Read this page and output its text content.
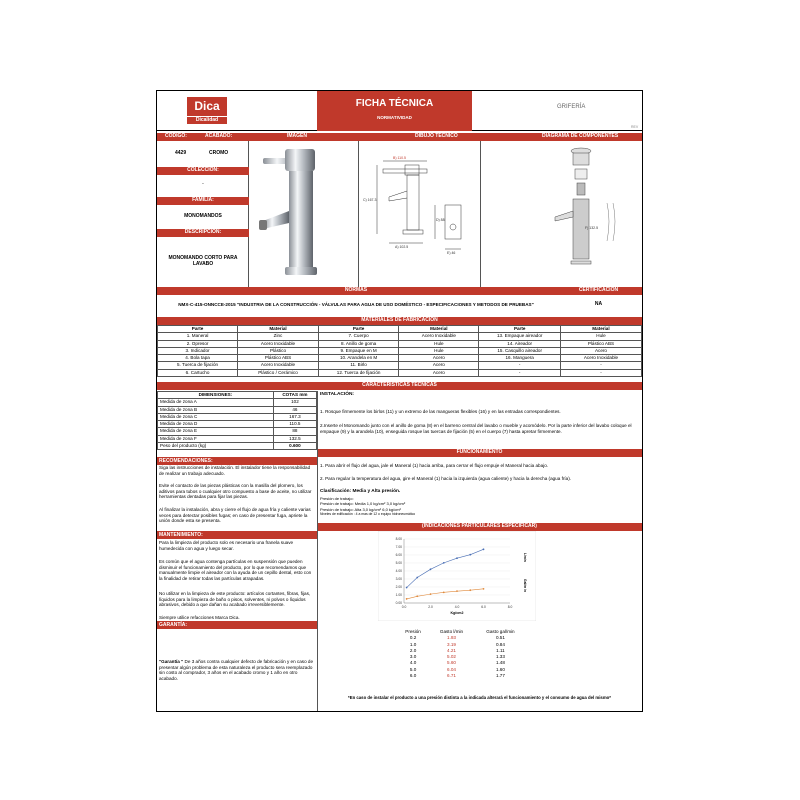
Dica
Dicalidad
FICHA TÉCNICA
NORMATIVIDAD
GRIFERÍA
REV
CÓDIGO:	ACABADO:	IMAGEN	DIBUJO TÉCNICO	DIAGRAMA DE COMPONENTES
4429	CROMO
COLECCIÓN:
-
FAMILIA:
MONOMANDOS
DESCRIPCIÓN:
MONOMANDO CORTO PARA LAVABO
B) 110.5
C) 167.3
D) 88
A) 102.5
E) 46
F) 132.5
NORMAS	CERTIFICACIÓN
NMX-C-415-ONNCCE-2015 "INDUSTRIA DE LA CONSTRUCCIÓN - VÁLVULAS PARA AGUA DE USO DOMÉSTICO - ESPECIFICACIONES Y METODOS DE PRUEBAS"	NA
MATERIALES DE FABRICACIÓN
Parte	Material	Parte	Material	Parte	Material
1. Maneral	Zinc	7. Cuerpo	Acero Inoxidable	13. Empaque aireador	Hule
2. Opresor	Acero Inoxidable	8. Anillo de goma	Hule	14. Aireador	Plástico ABS
3. Indicador	Plástico	9. Empaque en M	Hule	15. Casquillo aireador	Acero
4. Bola tapa	Plástico ABS	10. Arandela en M	Acero	16. Manguera	Acero Inoxidable
5. Tuerca de fijación	Acero Inoxidable	11. Birlo	Acero	-	-
6. Cartucho	Plástico / Cerámico	12. Tuerca de fijación	Acero	-	-
CARACTERISTICAS TÉCNICAS
DIMENSIONES:	COTAS mm
Medida de zona A	102
Medida de zona B	46
Medida de zona C	167.3
Medida de zona D	110.5
Medida de zona E	88
Medida de zona F	132.5
Peso del producto (kg)	0.600
INSTALACIÓN:
1. Rosque firmemente los birlos (11) y un extremo de las mangueras flexibles (16) y en las entradas correspondientes.
2.Inserte el Monomando junto con el anillo de goma (8) en el barreno central del lavabo o mueble y acomódelo. Por la parte inferior del lavabo coloque el empaque (9) y la arandela (10), enseguida rosque las tuercas de fijación (5) en el cuerpo (7) hasta apretar firmemente.
RECOMENDACIONES:
Siga las instrucciones de instalación. El instalador tiene la responsabilidad de realizar un trabajo adecuado.
Evite el contacto de las piezas plásticas con la masilla del plomero, los aditivos para tubos o cualquier otro compuesto a base de aceite, no utilizar herramientas dentadas para fijar las piezas.
Al finalizar la instalación, abra y cierre el flujo de agua fría y caliente varias veces para detectar posibles fugas; en caso de presentar fuga, apriete la unión donde esta se presenta.
FUNCIONAMIENTO
1. Para abrir el flujo del agua, jale el Maneral (1) hacia arriba, para cerrar el flujo empuje el Maneral hacia abajo.
2. Para regular la temperatura del agua, gire el Maneral (1) hacia la izquierda (agua caliente) y hacia la derecha (agua fría).
Clasificación: Media y Alta presión.
Presión de trabajo:
Presión de trabajo: Media 1,0 kg/cm² 3,0 kg/cm²
Presión de trabajo: Alta 3,0 kg/cm² 6,0 kg/cm²
Niveles de edificación : 4 a mas de 12 o equipo hidroneumático
MANTENIMIENTO:
Para la limpieza del producto solo es necesario una franela suave humedecida con agua y luego secar.
Es común que el agua contenga partículas en suspensión que pueden disminuir el funcionamiento del producto, por lo que recomendamos que manualmente limpie el aireador con la ayuda de un cepillo dental, esto con la finalidad de retirar todas las partículas atrapadas.
No utilizar en la limpieza de este producto: artículos cortantes, fibras, fijas, líquidos para la limpieza de baño o pisos, solventes, ni polvos o líquidos abrasivos, debido a que dañan su acabado irreversiblemente.
Siempre utilice refacciones Marca Dica.
GARANTÍA:
"Garantía " De 3 años contra cualquier defecto de fabricación y en caso de presentar algún problema de esta naturaleza el producto sera reemplazado sin costo al comprador, 3 años en el acabado cromo y 1 año en otro acabado.
(INDICACIONES PARTICULARES ESPECIFICAR)
0.00
1.00
2.00
3.00
4.00
5.00
6.00
7.00
8.00
0.0	2.0	4.0	6.0	8.0
Kg/cm2
L/min
Gal/m in
Presión	Gasto l/min	Gasto gal/min
0.2	1.93	0.51
1.0	3.19	0.84
2.0	4.21	1.11
3.0	5.02	1.33
4.0	5.60	1.48
5.0	6.04	1.60
6.0	6.71	1.77
*En caso de instalar el producto a una presión distinta a la indicada alterará el funcionamiento y el consumo de agua del mismo*
